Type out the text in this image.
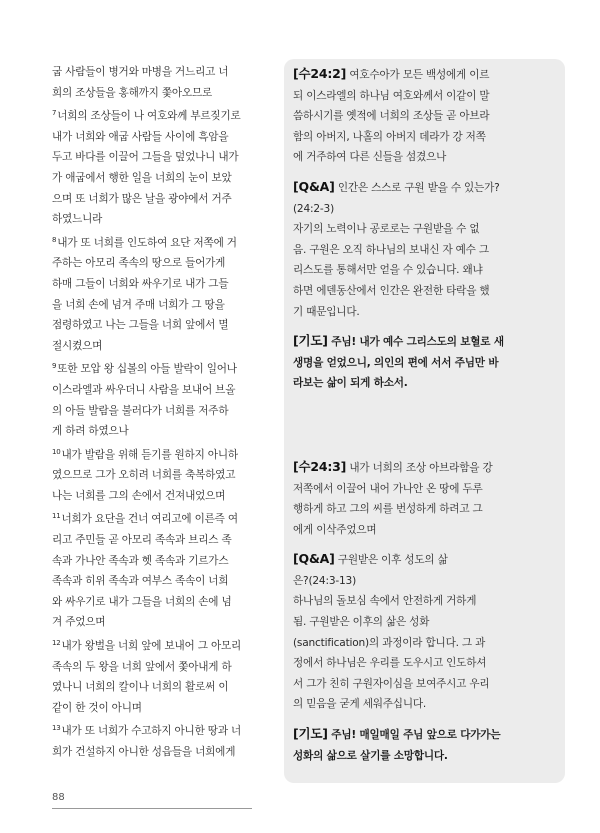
굽 사람들이 병거와 마병을 거느리고 너
희의 조상들을 홍해까지 쫓아오므로
$^7$너희의 조상들이 나 여호와께 부르짖기로
내가 너희와 애굽 사람들 사이에 흑암을
두고 바다를 이끌어 그들을 덮었나니 내가
가 애굽에서 행한 일을 너희의 눈이 보았
으며 또 너희가 많은 날을 광야에서 거주
하였느니라
$^8$내가 또 너희를 인도하여 요단 저쪽에 거
주하는 아모리 족속의 땅으로 들어가게
하매 그들이 너희와 싸우기로 내가 그들
을 너희 손에 넘겨 주매 너희가 그 땅을
점령하였고 나는 그들을 너희 앞에서 멸
절시켰으며
$^9$또한 모압 왕 십볼의 아들 발락이 일어나
이스라엘과 싸우더니 사람을 보내어 브올
의 아들 발람을 불러다가 너희를 저주하
게 하려 하였으나
$^{10}$내가 발람을 위해 듣기를 원하지 아니하
였으므로 그가 오히려 너희를 축복하였고
나는 너희를 그의 손에서 건져내었으며
$^{11}$너희가 요단을 건너 여리고에 이른즉 여
리고 주민들 곧 아모리 족속과 브리스 족
속과 가나안 족속과 헷 족속과 기르가스
족속과 히위 족속과 여부스 족속이 너희
와 싸우기로 내가 그들을 너희의 손에 넘
겨 주었으며
$^{12}$내가 왕벌을 너희 앞에 보내어 그 아모리
족속의 두 왕을 너희 앞에서 쫓아내게 하
였나니 너희의 칼이나 너희의 활로써 이
같이 한 것이 아니며
$^{13}$내가 또 너희가 수고하지 아니한 땅과 너
희가 건설하지 아니한 성읍들을 너희에게
[수24:2] 여호수아가 모든 백성에게 이르
되 이스라엘의 하나님 여호와께서 이같이 말
씀하시기를 옛적에 너희의 조상들 곧 아브라
함의 아버지, 나홀의 아버지 데라가 강 저쪽
에 거주하여 다른 신들을 섬겼으나
[Q&A] 인간은 스스로 구원 받을 수 있는가?
(24:2-3)
자기의 노력이나 공로로는 구원받을 수 없
음. 구원은 오직 하나님의 보내신 자 예수 그
리스도를 통해서만 얻을 수 있습니다. 왜냐
하면 에덴동산에서 인간은 완전한 타락을 했
기 때문입니다.
[기도] 주님! 내가 예수 그리스도의 보혈로 새
생명을 얻었으니, 의인의 편에 서서 주님만 바
라보는 삶이 되게 하소서.
[수24:3] 내가 너희의 조상 아브라함을 강
저쪽에서 이끌어 내어 가나안 온 땅에 두루
행하게 하고 그의 씨를 번성하게 하려고 그
에게 이삭주었으며
[Q&A] 구원받은 이후 성도의 삶
은?(24:3-13)
하나님의 돌보심 속에서 안전하게 거하게
됨. 구원받은 이후의 삶은 성화
(sanctification)의 과정이라 합니다. 그 과
정에서 하나님은 우리를 도우시고 인도하셔
서 그가 친히 구원자이심을 보여주시고 우리
의 믿음을 굳게 세워주십니다.
[기도] 주님! 매일매일 주님 앞으로 다가가는
성화의 삶으로 살기를 소망합니다.
88
